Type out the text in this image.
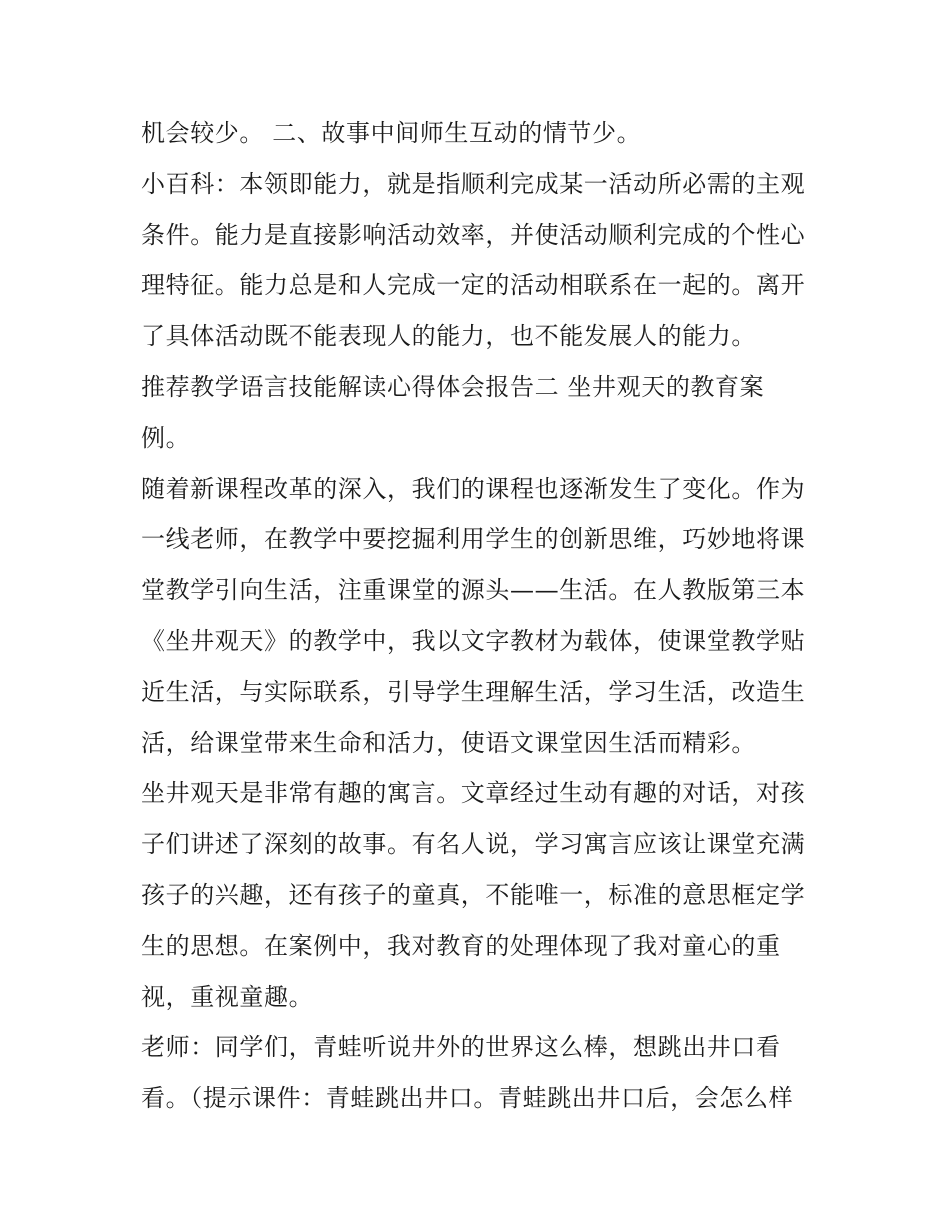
机会较少。 二、故事中间师生互动的情节少。
小百科：本领即能力，就是指顺利完成某一活动所必需的主观
条件。能力是直接影响活动效率，并使活动顺利完成的个性心
理特征。能力总是和人完成一定的活动相联系在一起的。离开
了具体活动既不能表现人的能力，也不能发展人的能力。
推荐教学语言技能解读心得体会报告二 坐井观天的教育案
例。
随着新课程改革的深入，我们的课程也逐渐发生了变化。作为
一线老师，在教学中要挖掘利用学生的创新思维，巧妙地将课
堂教学引向生活，注重课堂的源头——生活。在人教版第三本
《坐井观天》的教学中，我以文字教材为载体，使课堂教学贴
近生活，与实际联系，引导学生理解生活，学习生活，改造生
活，给课堂带来生命和活力，使语文课堂因生活而精彩。
坐井观天是非常有趣的寓言。文章经过生动有趣的对话，对孩
子们讲述了深刻的故事。有名人说，学习寓言应该让课堂充满
孩子的兴趣，还有孩子的童真，不能唯一，标准的意思框定学
生的思想。在案例中，我对教育的处理体现了我对童心的重
视，重视童趣。
老师：同学们，青蛙听说井外的世界这么棒，想跳出井口看
看。（提示课件：青蛙跳出井口。青蛙跳出井口后，会怎么样
